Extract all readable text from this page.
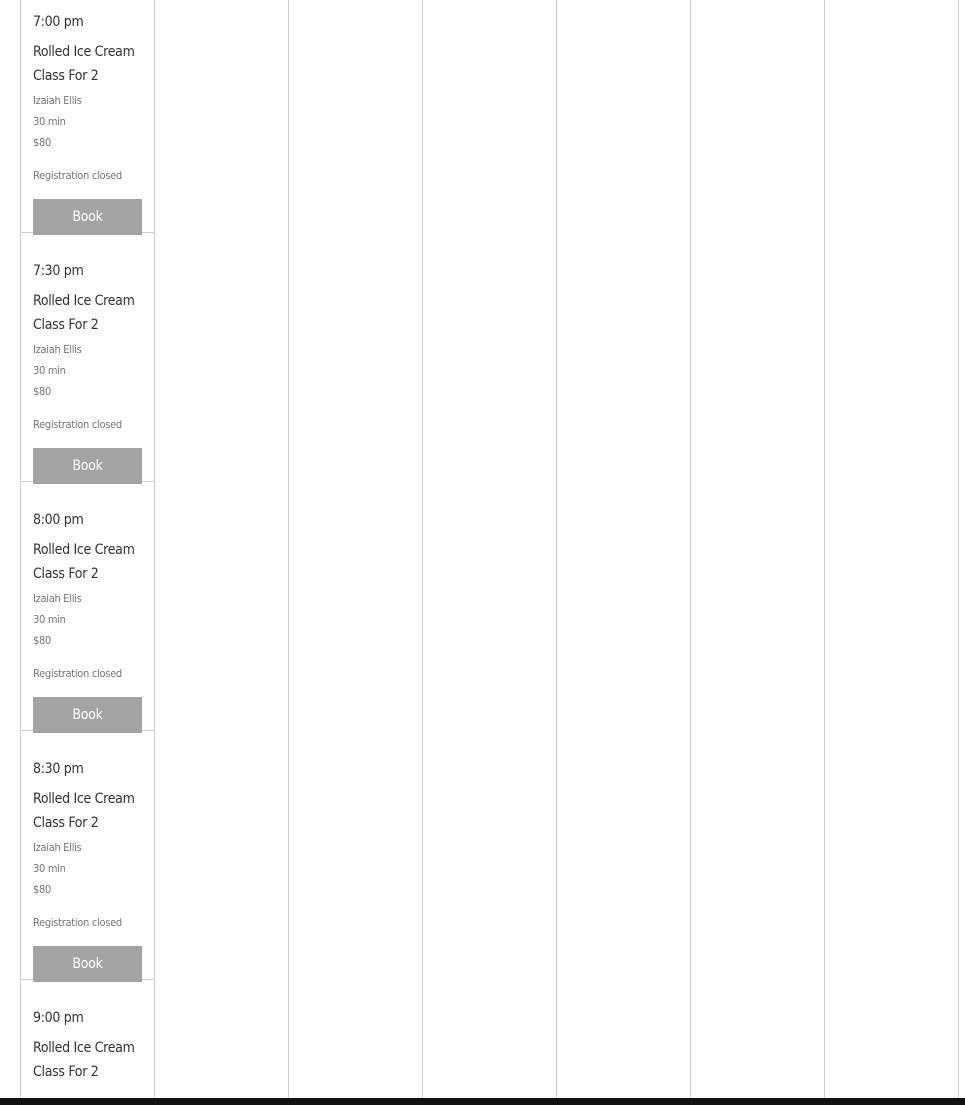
7:00 pm
Rolled Ice Cream Class For 2
Izaiah Ellis
30 min
$80
Registration closed
Book
7:30 pm
Rolled Ice Cream Class For 2
Izaiah Ellis
30 min
$80
Registration closed
Book
8:00 pm
Rolled Ice Cream Class For 2
Izaiah Ellis
30 min
$80
Registration closed
Book
8:30 pm
Rolled Ice Cream Class For 2
Izaiah Ellis
30 min
$80
Registration closed
Book
9:00 pm
Rolled Ice Cream Class For 2
